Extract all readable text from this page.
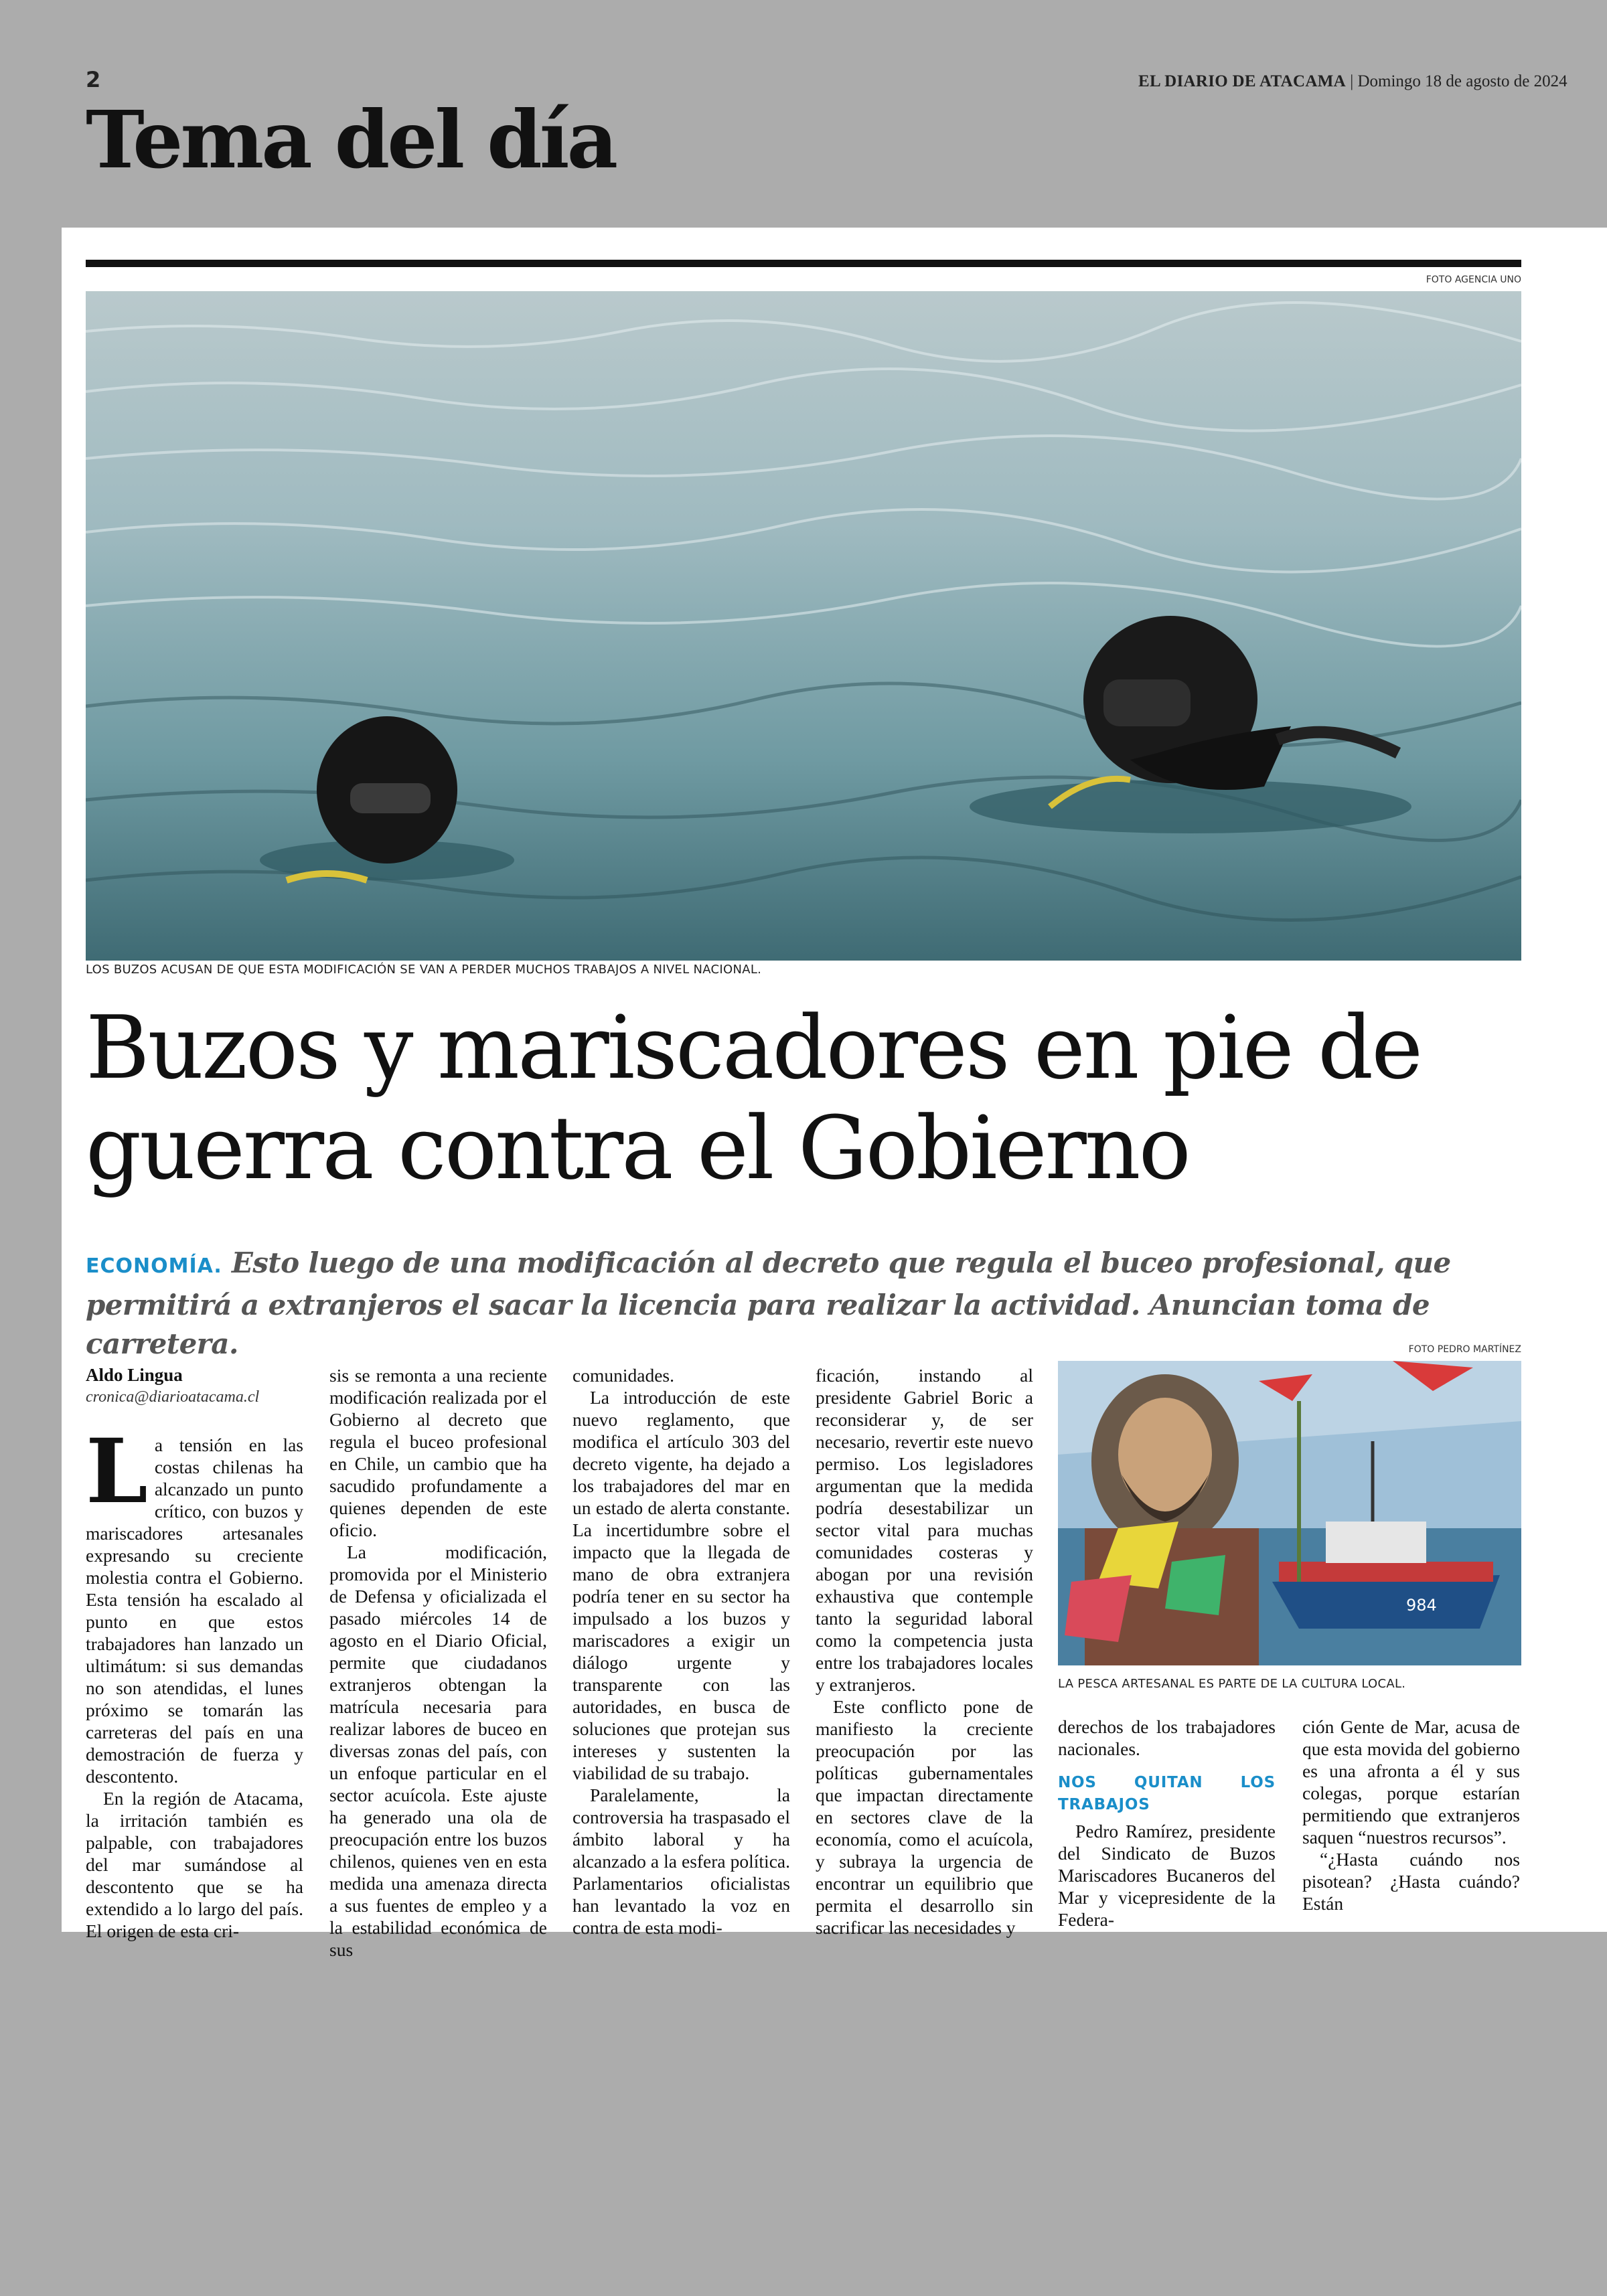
2	EL DIARIO DE ATACAMA | Domingo 18 de agosto de 2024
Tema del día
FOTO AGENCIA UNO
LOS BUZOS ACUSAN DE QUE ESTA MODIFICACIÓN SE VAN A PERDER MUCHOS TRABAJOS A NIVEL NACIONAL.
Buzos y mariscadores en pie de
guerra contra el Gobierno
ECONOMÍA. Esto luego de una modificación al decreto que regula el buceo profesional, que permitirá a extranjeros el sacar la licencia para realizar la actividad. Anuncian toma de carretera.
Aldo Lingua
cronica@diarioatacama.cl

La tensión en las costas chilenas ha alcanzado un punto crítico, con buzos y mariscadores artesanales expresando su creciente molestia contra el Gobierno. Esta tensión ha escalado al punto en que estos trabajadores han lanzado un ultimátum: si sus demandas no son atendidas, el lunes próximo se tomarán las carreteras del país en una demostración de fuerza y descontento.

En la región de Atacama, la irritación también es palpable, con trabajadores del mar sumándose al descontento que se ha extendido a lo largo del país. El origen de esta cri-

sis se remonta a una reciente modificación realizada por el Gobierno al decreto que regula el buceo profesional en Chile, un cambio que ha sacudido profundamente a quienes dependen de este oficio.

La modificación, promovida por el Ministerio de Defensa y oficializada el pasado miércoles 14 de agosto en el Diario Oficial, permite que ciudadanos extranjeros obtengan la matrícula necesaria para realizar labores de buceo en diversas zonas del país, con un enfoque particular en el sector acuícola. Este ajuste ha generado una ola de preocupación entre los buzos chilenos, quienes ven en esta medida una amenaza directa a sus fuentes de empleo y a la estabilidad económica de sus

comunidades.

La introducción de este nuevo reglamento, que modifica el artículo 303 del decreto vigente, ha dejado a los trabajadores del mar en un estado de alerta constante. La incertidumbre sobre el impacto que la llegada de mano de obra extranjera podría tener en su sector ha impulsado a los buzos y mariscadores a exigir un diálogo urgente y transparente con las autoridades, en busca de soluciones que protejan sus intereses y sustenten la viabilidad de su trabajo.

Paralelamente, la controversia ha traspasado el ámbito laboral y ha alcanzado a la esfera política. Parlamentarios oficialistas han levantado la voz en contra de esta modi-

ficación, instando al presidente Gabriel Boric a reconsiderar y, de ser necesario, revertir este nuevo permiso. Los legisladores argumentan que la medida podría desestabilizar un sector vital para muchas comunidades costeras y abogan por una revisión exhaustiva que contemple tanto la seguridad laboral como la competencia justa entre los trabajadores locales y extranjeros.

Este conflicto pone de manifiesto la creciente preocupación por las políticas gubernamentales que impactan directamente en sectores clave de la economía, como el acuícola, y subraya la urgencia de encontrar un equilibrio que permita el desarrollo sin sacrificar las necesidades y

FOTO PEDRO MARTÍNEZ
984
LA PESCA ARTESANAL ES PARTE DE LA CULTURA LOCAL.

derechos de los trabajadores nacionales.

NOS QUITAN LOS TRABAJOS

Pedro Ramírez, presidente del Sindicato de Buzos Mariscadores Bucaneros del Mar y vicepresidente de la Federa-

ción Gente de Mar, acusa de que esta movida del gobierno es una afronta a él y sus colegas, porque estarían permitiendo que extranjeros saquen “nuestros recursos”.

“¿Hasta cuándo nos pisotean? ¿Hasta cuándo? Están
